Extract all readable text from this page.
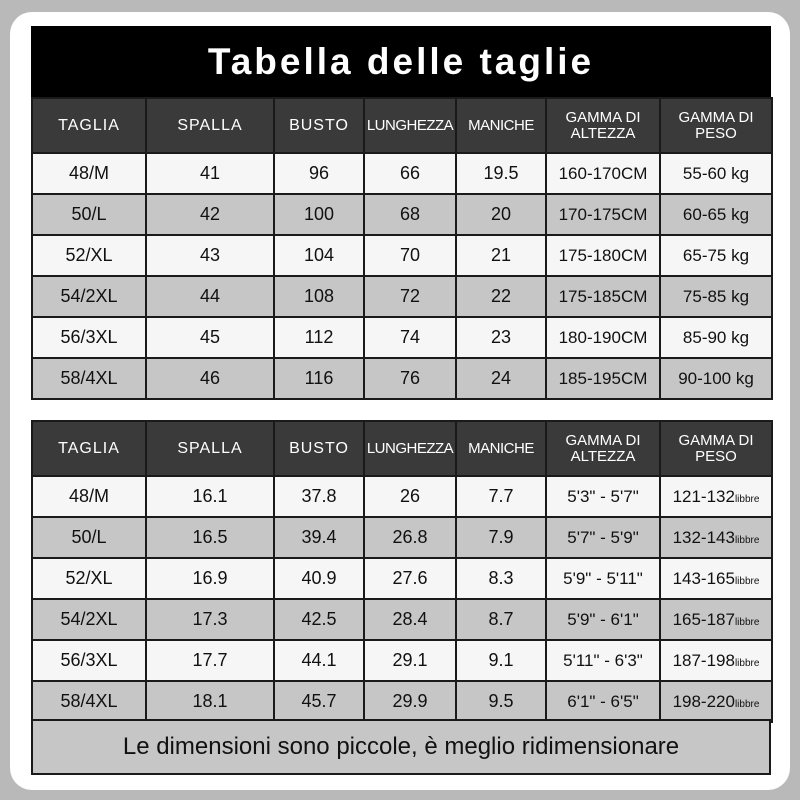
Tabella delle taglie
TAGLIA	SPALLA	BUSTO	LUNGHEZZA	MANICHE	GAMMA DI ALTEZZA	GAMMA DI PESO
48/M	41	96	66	19.5	160-170CM	55-60 kg
50/L	42	100	68	20	170-175CM	60-65 kg
52/XL	43	104	70	21	175-180CM	65-75 kg
54/2XL	44	108	72	22	175-185CM	75-85 kg
56/3XL	45	112	74	23	180-190CM	85-90 kg
58/4XL	46	116	76	24	185-195CM	90-100 kg
TAGLIA	SPALLA	BUSTO	LUNGHEZZA	MANICHE	GAMMA DI ALTEZZA	GAMMA DI PESO
48/M	16.1	37.8	26	7.7	5'3" - 5'7"	121-132libbre
50/L	16.5	39.4	26.8	7.9	5'7" - 5'9"	132-143libbre
52/XL	16.9	40.9	27.6	8.3	5'9" - 5'11"	143-165libbre
54/2XL	17.3	42.5	28.4	8.7	5'9" - 6'1"	165-187libbre
56/3XL	17.7	44.1	29.1	9.1	5'11" - 6'3"	187-198libbre
58/4XL	18.1	45.7	29.9	9.5	6'1" - 6'5"	198-220libbre
Le dimensioni sono piccole, è meglio ridimensionare
